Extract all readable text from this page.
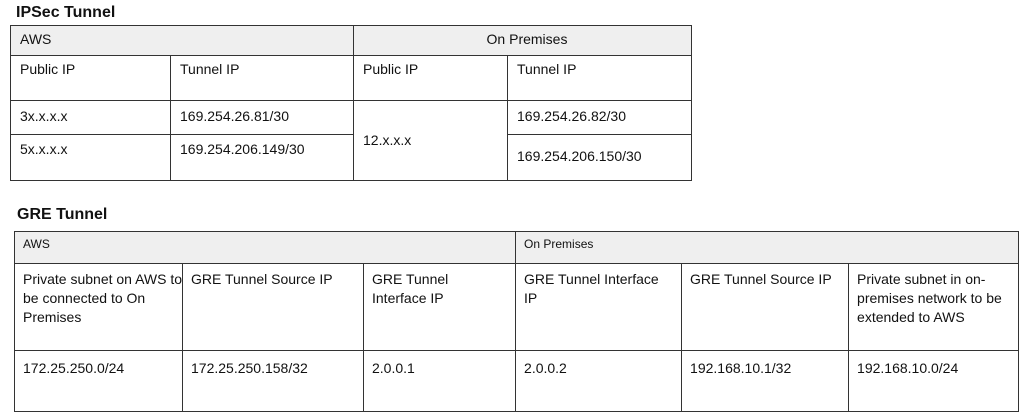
IPSec Tunnel
AWS		On Premises	
Public IP	Tunnel IP	Public IP	Tunnel IP
3x.x.x.x	169.254.26.81/30	12.x.x.x	169.254.26.82/30
5x.x.x.x	169.254.206.149/30		169.254.206.150/30
GRE Tunnel
AWS			On Premises		
Private subnet on AWS to be connected to On Premises	GRE Tunnel Source IP	GRE Tunnel Interface IP	GRE Tunnel Interface IP	GRE Tunnel Source IP	Private subnet in on-premises network to be extended to AWS
172.25.250.0/24	172.25.250.158/32	2.0.0.1	2.0.0.2	192.168.10.1/32	192.168.10.0/24
